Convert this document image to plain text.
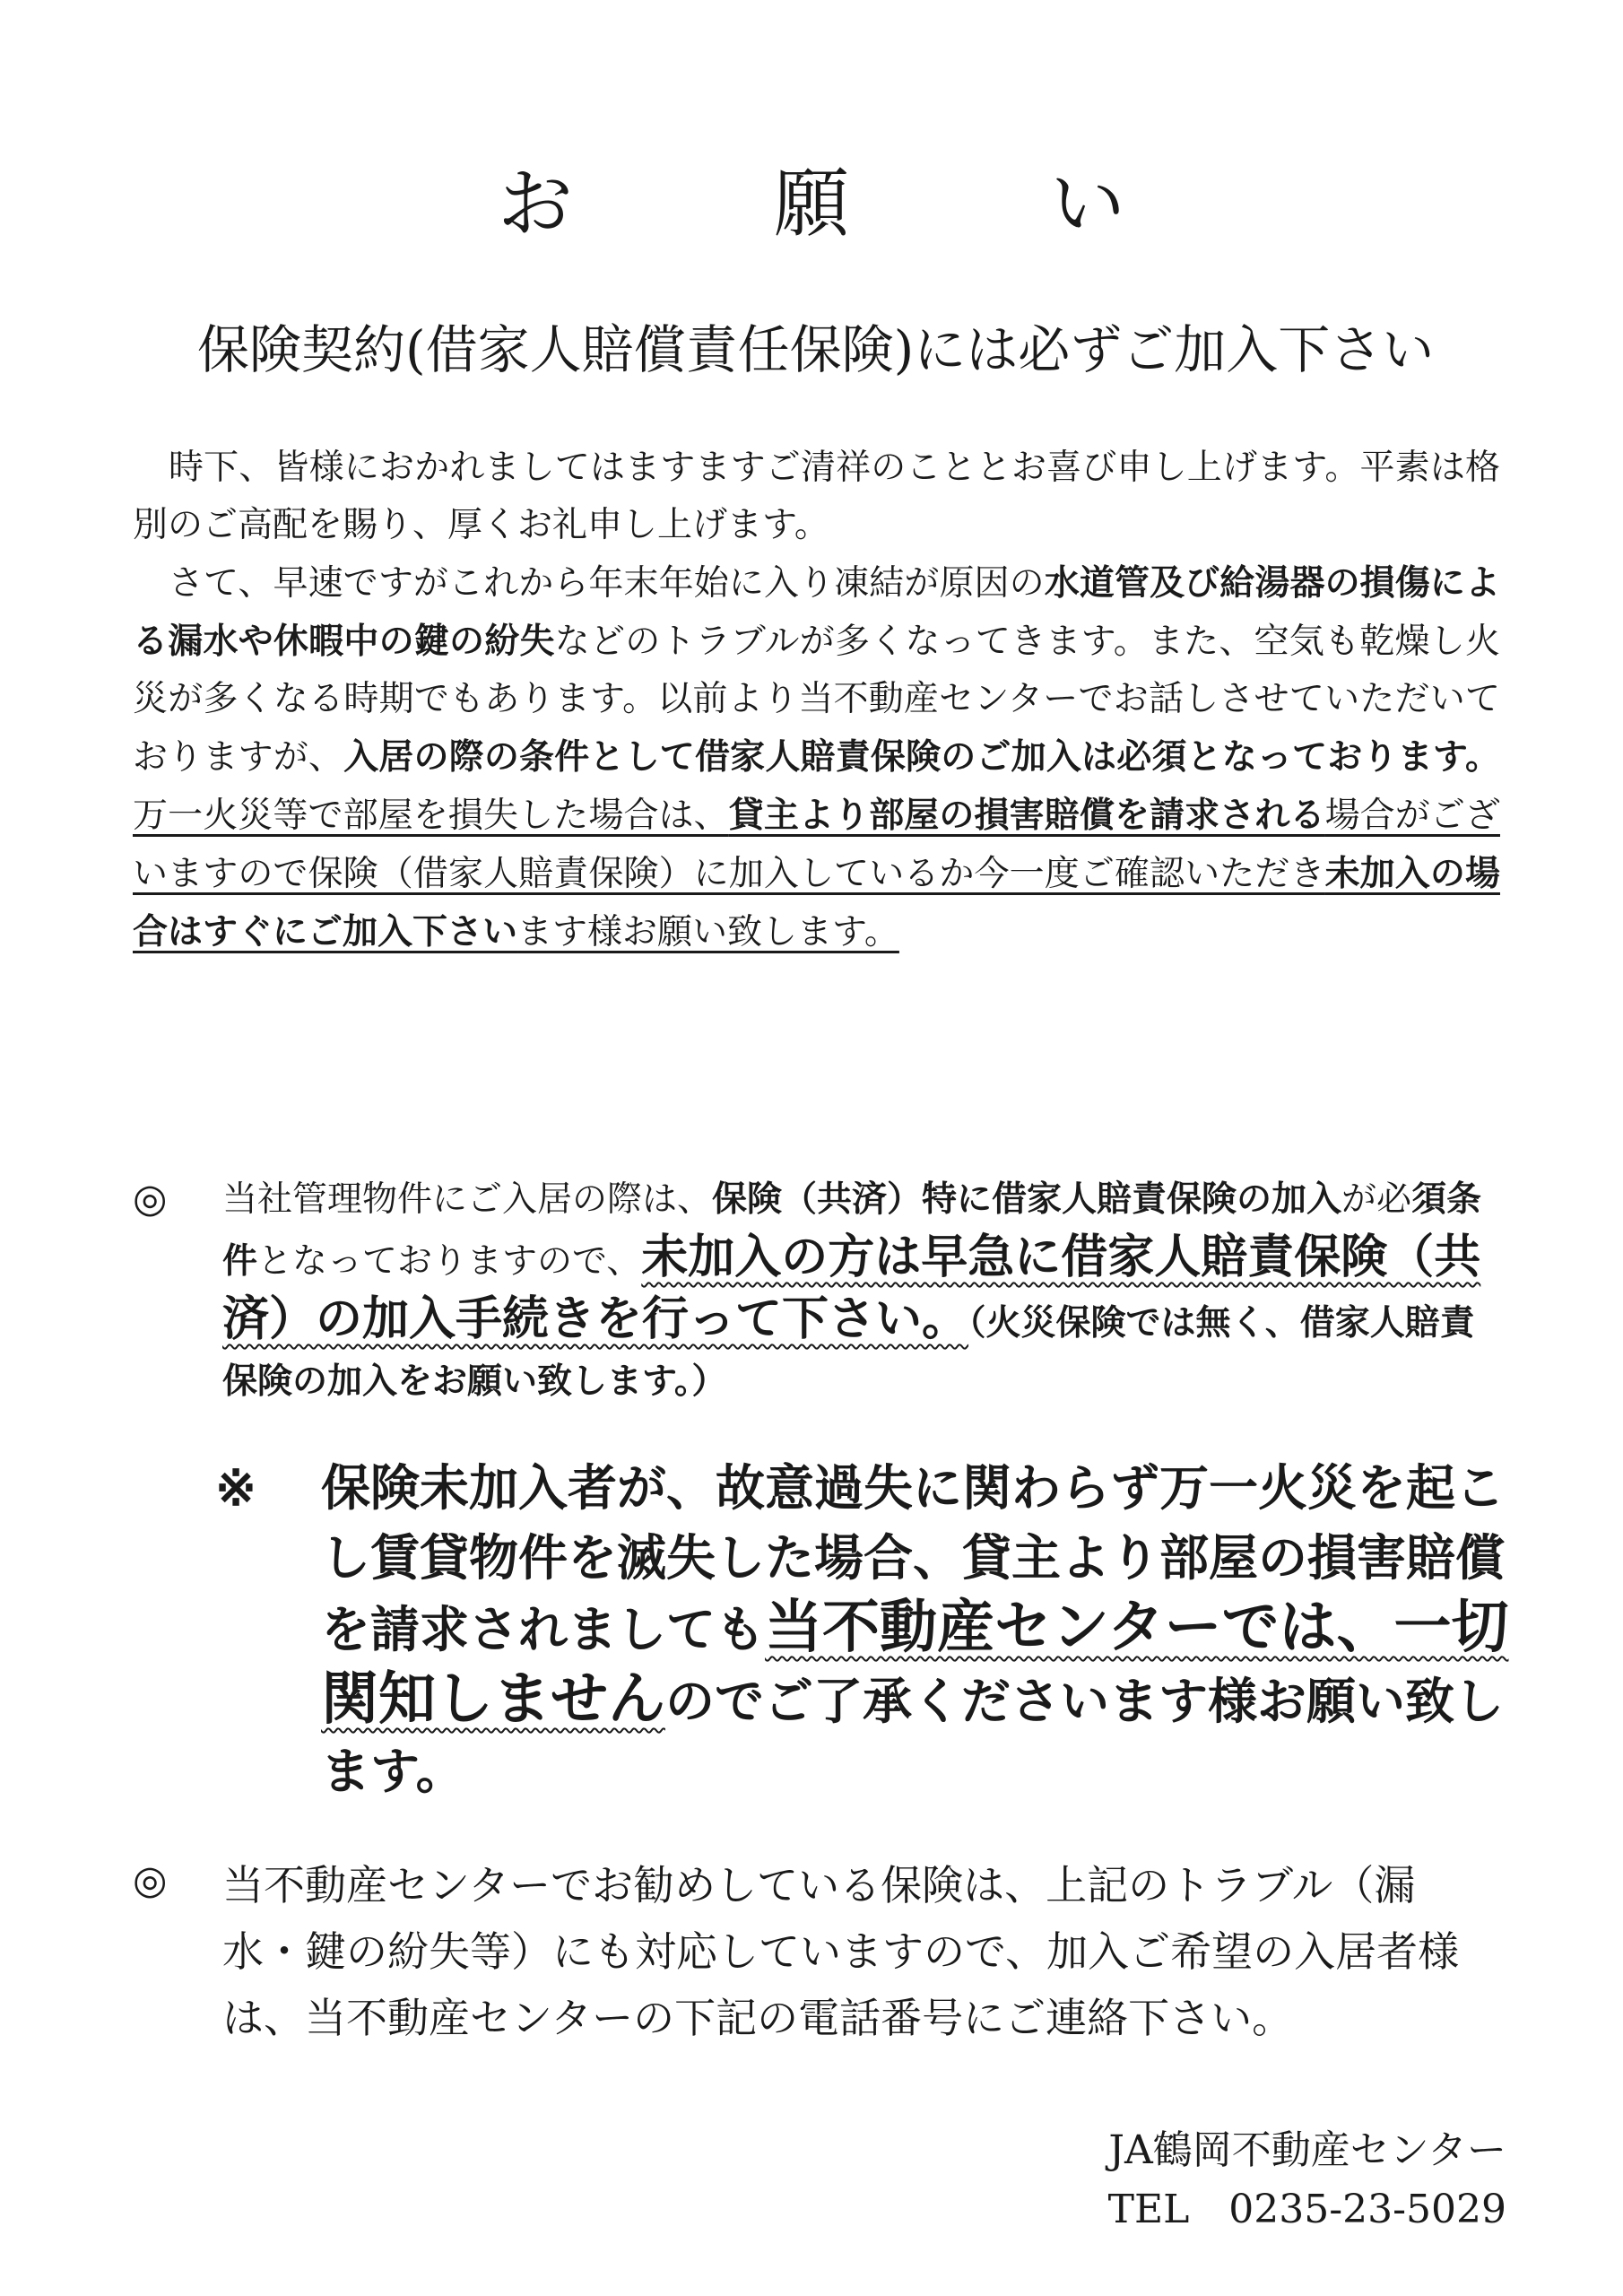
お　願　い
保険契約(借家人賠償責任保険)には必ずご加入下さい

時下、皆様におかれましてはますますご清祥のこととお喜び申し上げます。平素は格別のご高配を賜り、厚くお礼申し上げます。

さて、早速ですがこれから年末年始に入り凍結が原因の水道管及び給湯器の損傷による漏水や休暇中の鍵の紛失などのトラブルが多くなってきます。また、空気も乾燥し火災が多くなる時期でもあります。以前より当不動産センターでお話しさせていただいておりますが、入居の際の条件として借家人賠責保険のご加入は必須となっております。万一火災等で部屋を損失した場合は、貸主より部屋の損害賠償を請求される場合がございますので保険（借家人賠責保険）に加入しているか今一度ご確認いただき未加入の場合はすぐにご加入下さいます様お願い致します。

◎ 当社管理物件にご入居の際は、保険（共済）特に借家人賠責保険の加入が必須条件となっておりますので、未加入の方は早急に借家人賠責保険（共済）の加入手続きを行って下さい。（火災保険では無く、借家人賠責保険の加入をお願い致します。）
※ 保険未加入者が、故意過失に関わらず万一火災を起こし賃貸物件を滅失した場合、貸主より部屋の損害賠償を請求されましても当不動産センターでは、一切関知しませんのでご了承くださいます様お願い致します。
◎ 当不動産センターでお勧めしている保険は、上記のトラブル（漏水・鍵の紛失等）にも対応していますので、加入ご希望の入居者様は、当不動産センターの下記の電話番号にご連絡下さい。
JA鶴岡不動産センター
TEL　0235-23-5029
